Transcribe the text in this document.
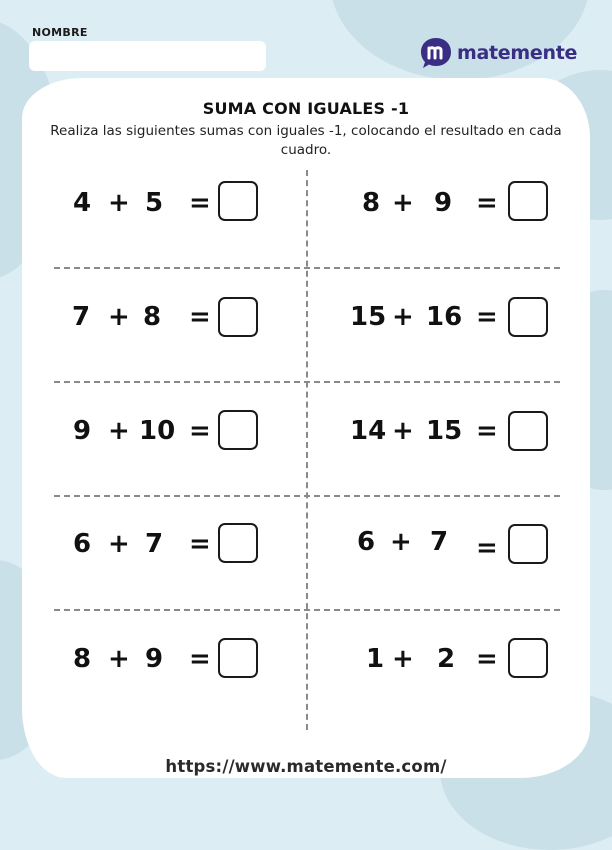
NOMBRE
matemente
SUMA CON IGUALES -1
Realiza las siguientes sumas con iguales -1, colocando el resultado en cada cuadro.
4 + 5 =	8 + 9 =
7 + 8 =	15 + 16 =
9 + 10 =	14 + 15 =
6 + 7 =	6 + 7 =
8 + 9 =	1 + 2 =
https://www.matemente.com/
